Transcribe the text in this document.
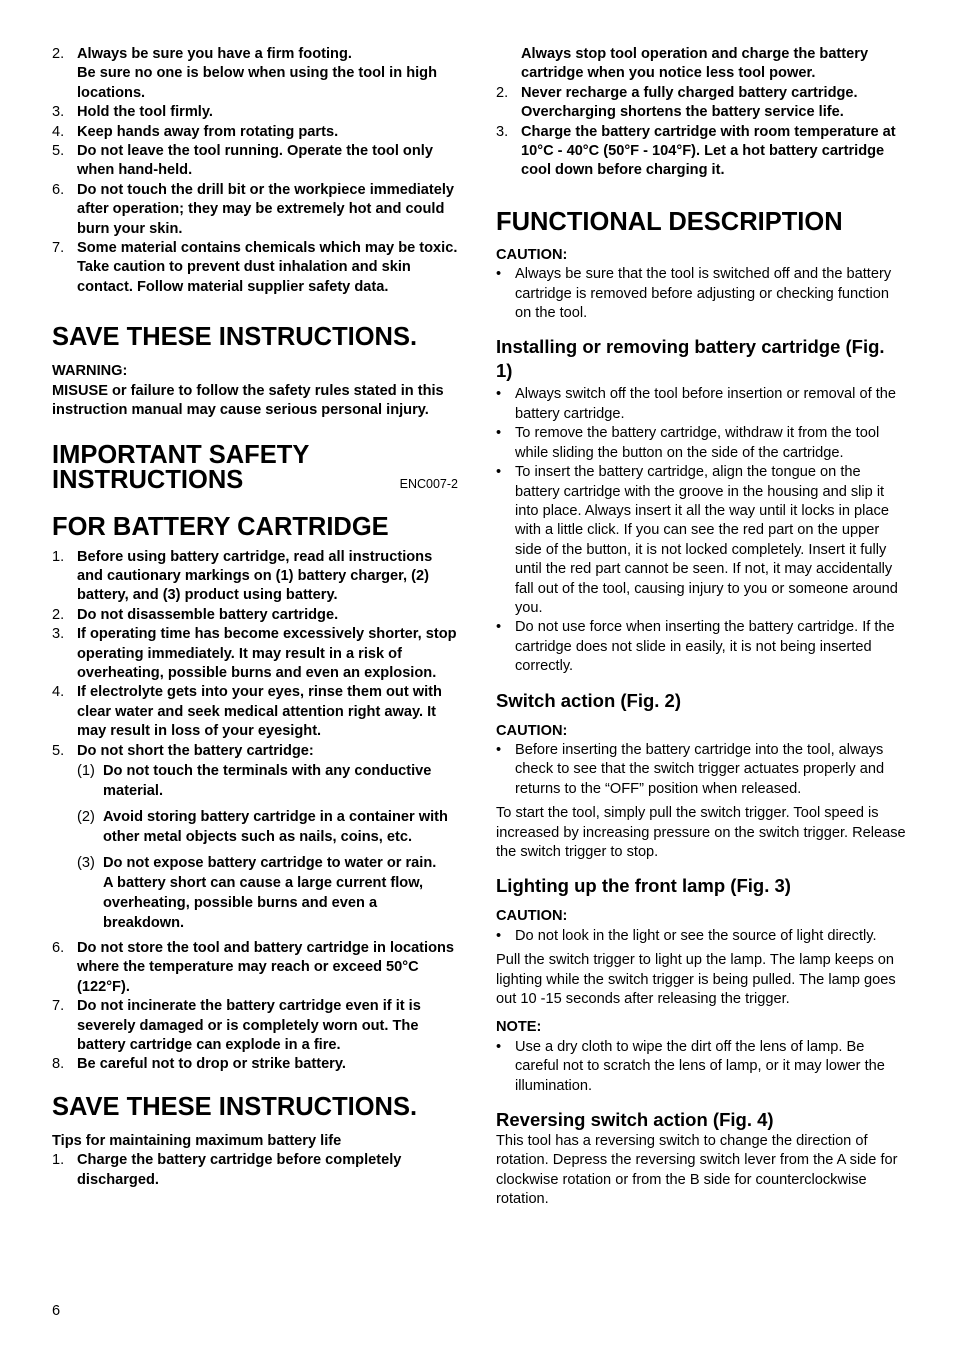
2. Always be sure you have a firm footing.
Be sure no one is below when using the tool in high locations.
3. Hold the tool firmly.
4. Keep hands away from rotating parts.
5. Do not leave the tool running. Operate the tool only when hand-held.
6. Do not touch the drill bit or the workpiece immediately after operation; they may be extremely hot and could burn your skin.
7. Some material contains chemicals which may be toxic. Take caution to prevent dust inhalation and skin contact. Follow material supplier safety data.
SAVE THESE INSTRUCTIONS.
WARNING:
MISUSE or failure to follow the safety rules stated in this instruction manual may cause serious personal injury.
IMPORTANT SAFETY
INSTRUCTIONS	ENC007-2
FOR BATTERY CARTRIDGE
1. Before using battery cartridge, read all instructions and cautionary markings on (1) battery charger, (2) battery, and (3) product using battery.
2. Do not disassemble battery cartridge.
3. If operating time has become excessively shorter, stop operating immediately. It may result in a risk of overheating, possible burns and even an explosion.
4. If electrolyte gets into your eyes, rinse them out with clear water and seek medical attention right away. It may result in loss of your eyesight.
5. Do not short the battery cartridge:
(1) Do not touch the terminals with any conductive material.
(2) Avoid storing battery cartridge in a container with other metal objects such as nails, coins, etc.
(3) Do not expose battery cartridge to water or rain.
A battery short can cause a large current flow, overheating, possible burns and even a breakdown.
6. Do not store the tool and battery cartridge in locations where the temperature may reach or exceed 50°C (122°F).
7. Do not incinerate the battery cartridge even if it is severely damaged or is completely worn out. The battery cartridge can explode in a fire.
8. Be careful not to drop or strike battery.
SAVE THESE INSTRUCTIONS.
Tips for maintaining maximum battery life
1. Charge the battery cartridge before completely discharged.
Always stop tool operation and charge the battery cartridge when you notice less tool power.
2. Never recharge a fully charged battery cartridge. Overcharging shortens the battery service life.
3. Charge the battery cartridge with room temperature at 10°C - 40°C (50°F - 104°F). Let a hot battery cartridge cool down before charging it.
FUNCTIONAL DESCRIPTION
CAUTION:
• Always be sure that the tool is switched off and the battery cartridge is removed before adjusting or checking function on the tool.
Installing or removing battery cartridge (Fig. 1)
• Always switch off the tool before insertion or removal of the battery cartridge.
• To remove the battery cartridge, withdraw it from the tool while sliding the button on the side of the cartridge.
• To insert the battery cartridge, align the tongue on the battery cartridge with the groove in the housing and slip it into place. Always insert it all the way until it locks in place with a little click. If you can see the red part on the upper side of the button, it is not locked completely. Insert it fully until the red part cannot be seen. If not, it may accidentally fall out of the tool, causing injury to you or someone around you.
• Do not use force when inserting the battery cartridge. If the cartridge does not slide in easily, it is not being inserted correctly.
Switch action (Fig. 2)
CAUTION:
• Before inserting the battery cartridge into the tool, always check to see that the switch trigger actuates properly and returns to the “OFF” position when released.
To start the tool, simply pull the switch trigger. Tool speed is increased by increasing pressure on the switch trigger. Release the switch trigger to stop.
Lighting up the front lamp (Fig. 3)
CAUTION:
• Do not look in the light or see the source of light directly.
Pull the switch trigger to light up the lamp. The lamp keeps on lighting while the switch trigger is being pulled. The lamp goes out 10 -15 seconds after releasing the trigger.
NOTE:
• Use a dry cloth to wipe the dirt off the lens of lamp. Be careful not to scratch the lens of lamp, or it may lower the illumination.
Reversing switch action (Fig. 4)
This tool has a reversing switch to change the direction of rotation. Depress the reversing switch lever from the A side for clockwise rotation or from the B side for counterclockwise rotation.
6
